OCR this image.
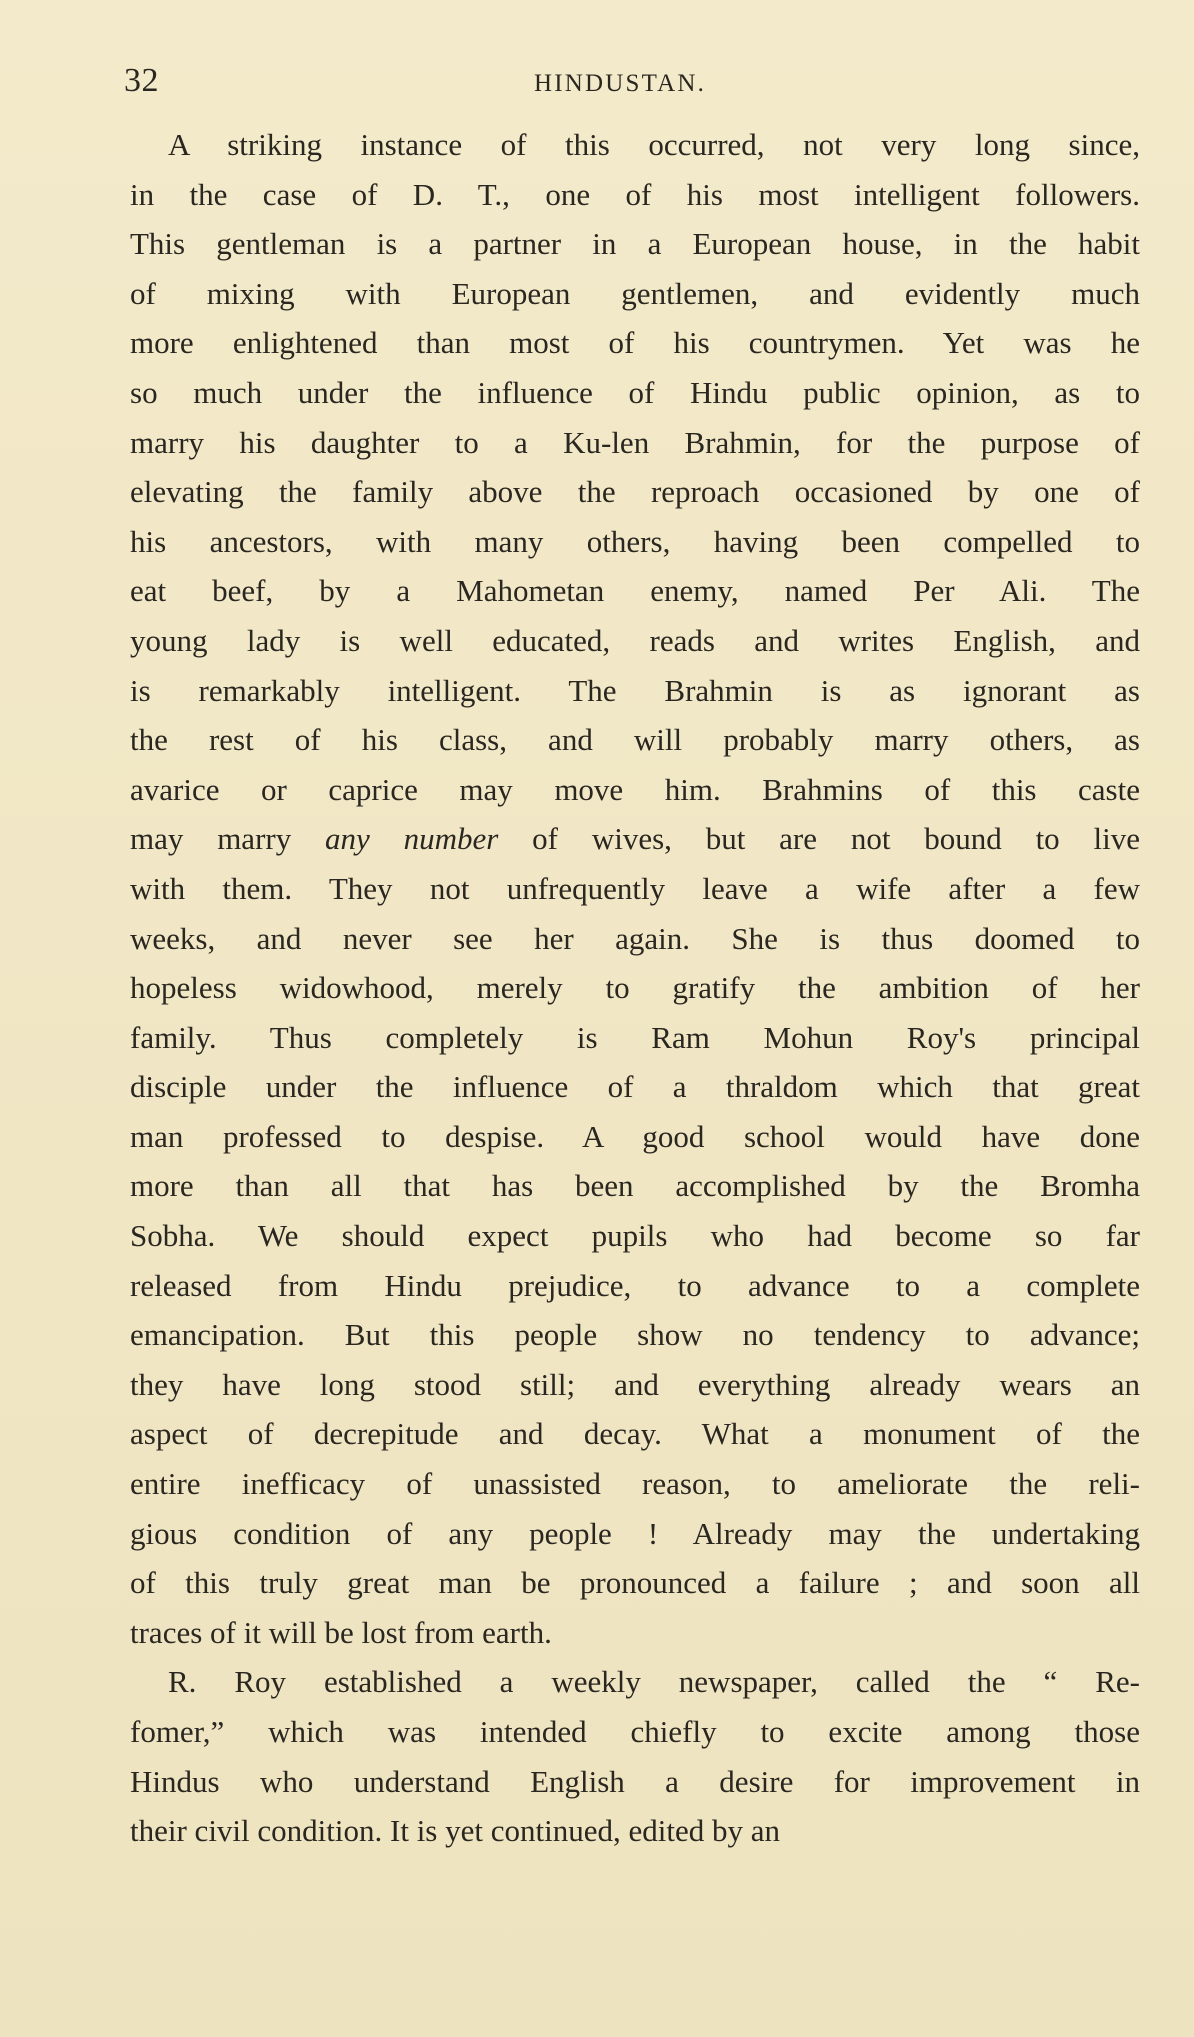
32	HINDUSTAN.

A striking instance of this occurred, not very long since,
in the case of D. T., one of his most intelligent followers.
This gentleman is a partner in a European house, in the habit
of mixing with European gentlemen, and evidently much
more enlightened than most of his countrymen. Yet was he
so much under the influence of Hindu public opinion, as to
marry his daughter to a Ku-len Brahmin, for the purpose of
elevating the family above the reproach occasioned by one of
his ancestors, with many others, having been compelled to
eat beef, by a Mahometan enemy, named Per Ali. The
young lady is well educated, reads and writes English, and
is remarkably intelligent. The Brahmin is as ignorant as
the rest of his class, and will probably marry others, as
avarice or caprice may move him. Brahmins of this caste
may marry any number of wives, but are not bound to live
with them. They not unfrequently leave a wife after a few
weeks, and never see her again. She is thus doomed to
hopeless widowhood, merely to gratify the ambition of her
family. Thus completely is Ram Mohun Roy's principal
disciple under the influence of a thraldom which that great
man professed to despise. A good school would have done
more than all that has been accomplished by the Bromha
Sobha. We should expect pupils who had become so far
released from Hindu prejudice, to advance to a complete
emancipation. But this people show no tendency to advance;
they have long stood still; and everything already wears an
aspect of decrepitude and decay. What a monument of the
entire inefficacy of unassisted reason, to ameliorate the reli-
gious condition of any people ! Already may the undertaking
of this truly great man be pronounced a failure ; and soon all
traces of it will be lost from earth.

R. Roy established a weekly newspaper, called the “ Re-
fomer,” which was intended chiefly to excite among those
Hindus who understand English a desire for improvement in
their civil condition. It is yet continued, edited by an
